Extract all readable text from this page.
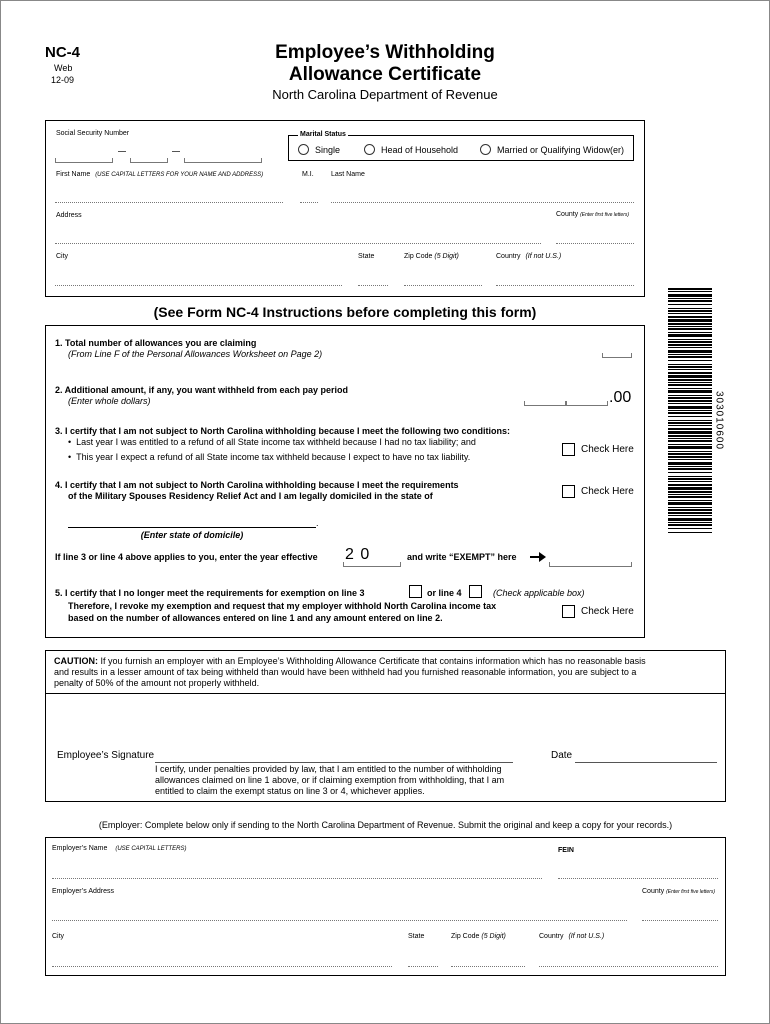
NC-4
Web
12-09
Employee’s Withholding
Allowance Certificate
North Carolina Department of Revenue
Social Security Number	Marital Status
Single	Head of Household	Married or Qualifying Widow(er)
First Name (USE CAPITAL LETTERS FOR YOUR NAME AND ADDRESS)	M.I. Last Name
Address	County (Enter first five letters)
City	State	Zip Code (5 Digit)	Country (If not U.S.)
303010600
(See Form NC-4 Instructions before completing this form)
1. Total number of allowances you are claiming
(From Line F of the Personal Allowances Worksheet on Page 2)
2. Additional amount, if any, you want withheld from each pay period
(Enter whole dollars)	.00
3. I certify that I am not subject to North Carolina withholding because I meet the following two conditions:
•  Last year I was entitled to a refund of all State income tax withheld because I had no tax liability; and
•  This year I expect a refund of all State income tax withheld because I expect to have no tax liability.
Check Here
4. I certify that I am not subject to North Carolina withholding because I meet the requirements
of the Military Spouses Residency Relief Act and I am legally domiciled in the state of	Check Here
.
(Enter state of domicile)
If line 3 or line 4 above applies to you, enter the year effective 2 0	and write “EXEMPT” here
5. I certify that I no longer meet the requirements for exemption on line 3	or line 4	(Check applicable box)
Therefore, I revoke my exemption and request that my employer withhold North Carolina income tax
based on the number of allowances entered on line 1 and any amount entered on line 2.
Check Here
CAUTION: If you furnish an employer with an Employee’s Withholding Allowance Certificate that contains information which has no reasonable basis
and results in a lesser amount of tax being withheld than would have been withheld had you furnished reasonable information, you are subject to a
penalty of 50% of the amount not properly withheld.
Employee’s Signature	Date
I certify, under penalties provided by law, that I am entitled to the number of withholding
allowances claimed on line 1 above, or if claiming exemption from withholding, that I am
entitled to claim the exempt status on line 3 or 4, whichever applies.
(Employer: Complete below only if sending to the North Carolina Department of Revenue. Submit the original and keep a copy for your records.)
Employer’s Name (USE CAPITAL LETTERS)	FEIN
Employer’s Address	County (Enter first five letters)
City	State	Zip Code (5 Digit)	Country (If not U.S.)
